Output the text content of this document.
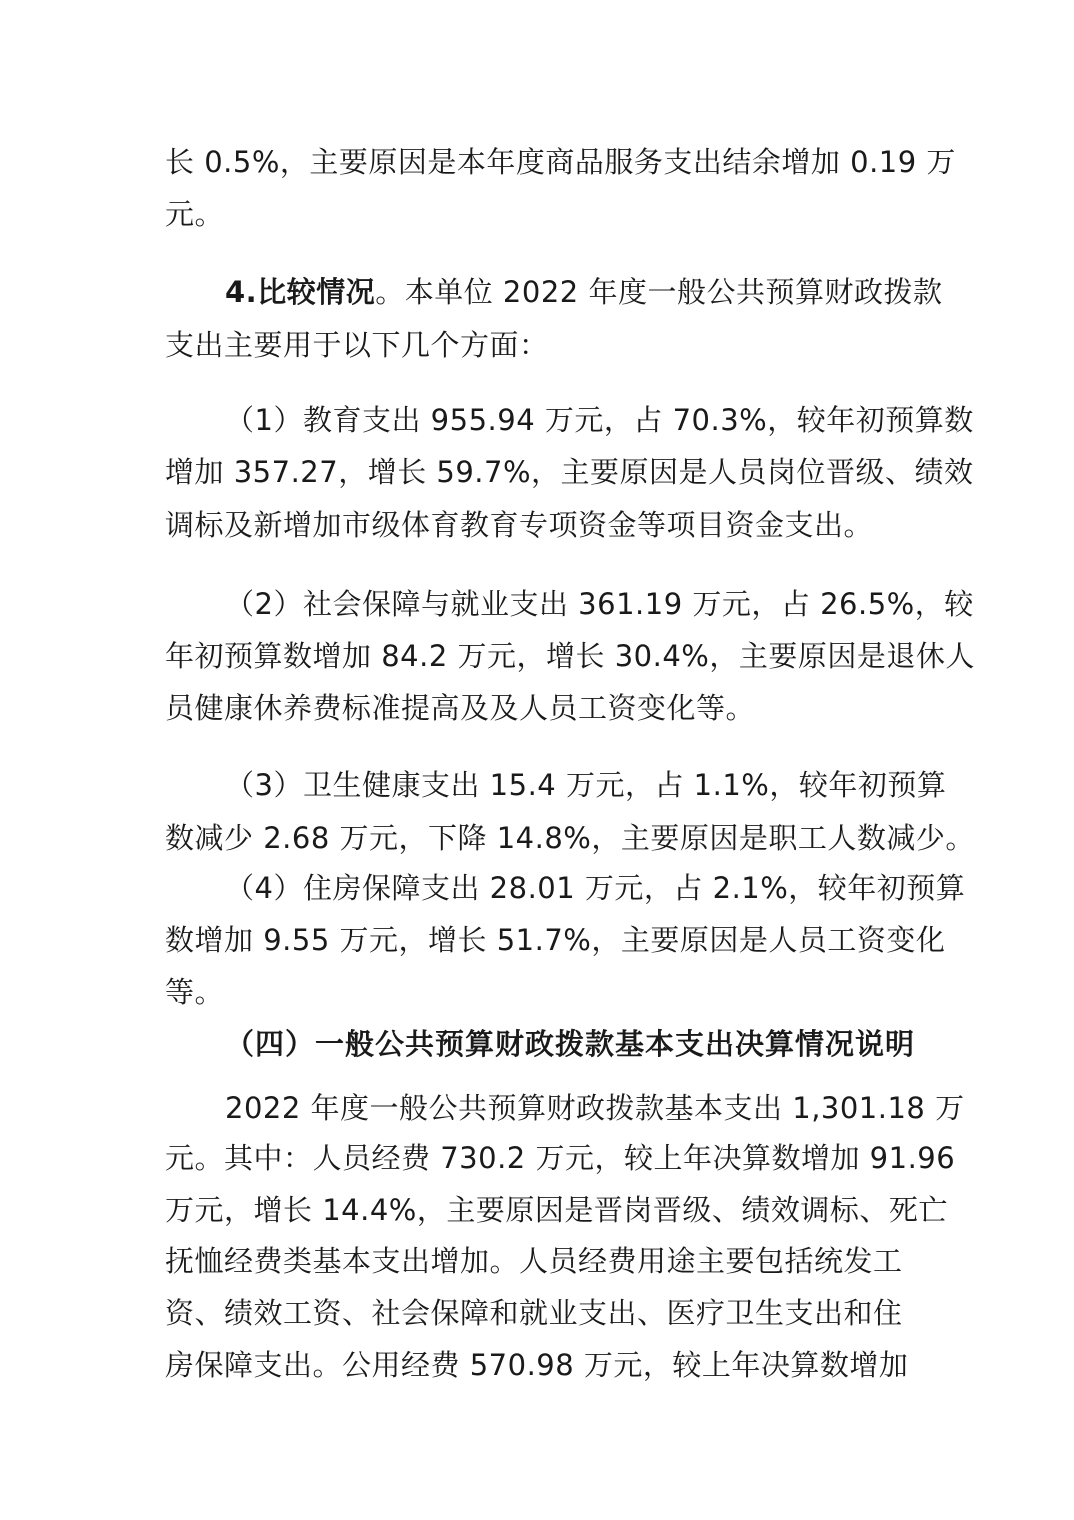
长 0.5%，主要原因是本年度商品服务支出结余增加 0.19 万
元。
4.比较情况。本单位 2022 年度一般公共预算财政拨款
支出主要用于以下几个方面：
（1）教育支出 955.94 万元，占 70.3%，较年初预算数
增加 357.27，增长 59.7%，主要原因是人员岗位晋级、绩效
调标及新增加市级体育教育专项资金等项目资金支出。
（2）社会保障与就业支出 361.19 万元，占 26.5%，较
年初预算数增加 84.2 万元，增长 30.4%，主要原因是退休人
员健康休养费标准提高及及人员工资变化等。
（3）卫生健康支出 15.4 万元，占 1.1%，较年初预算
数减少 2.68 万元，下降 14.8%，主要原因是职工人数减少。
（4）住房保障支出 28.01 万元，占 2.1%，较年初预算
数增加 9.55 万元，增长 51.7%，主要原因是人员工资变化
等。
（四）一般公共预算财政拨款基本支出决算情况说明
2022 年度一般公共预算财政拨款基本支出 1,301.18 万
元。其中：人员经费 730.2 万元，较上年决算数增加 91.96
万元，增长 14.4%，主要原因是晋岗晋级、绩效调标、死亡
抚恤经费类基本支出增加。人员经费用途主要包括统发工
资、绩效工资、社会保障和就业支出、医疗卫生支出和住
房保障支出。公用经费 570.98 万元，较上年决算数增加
